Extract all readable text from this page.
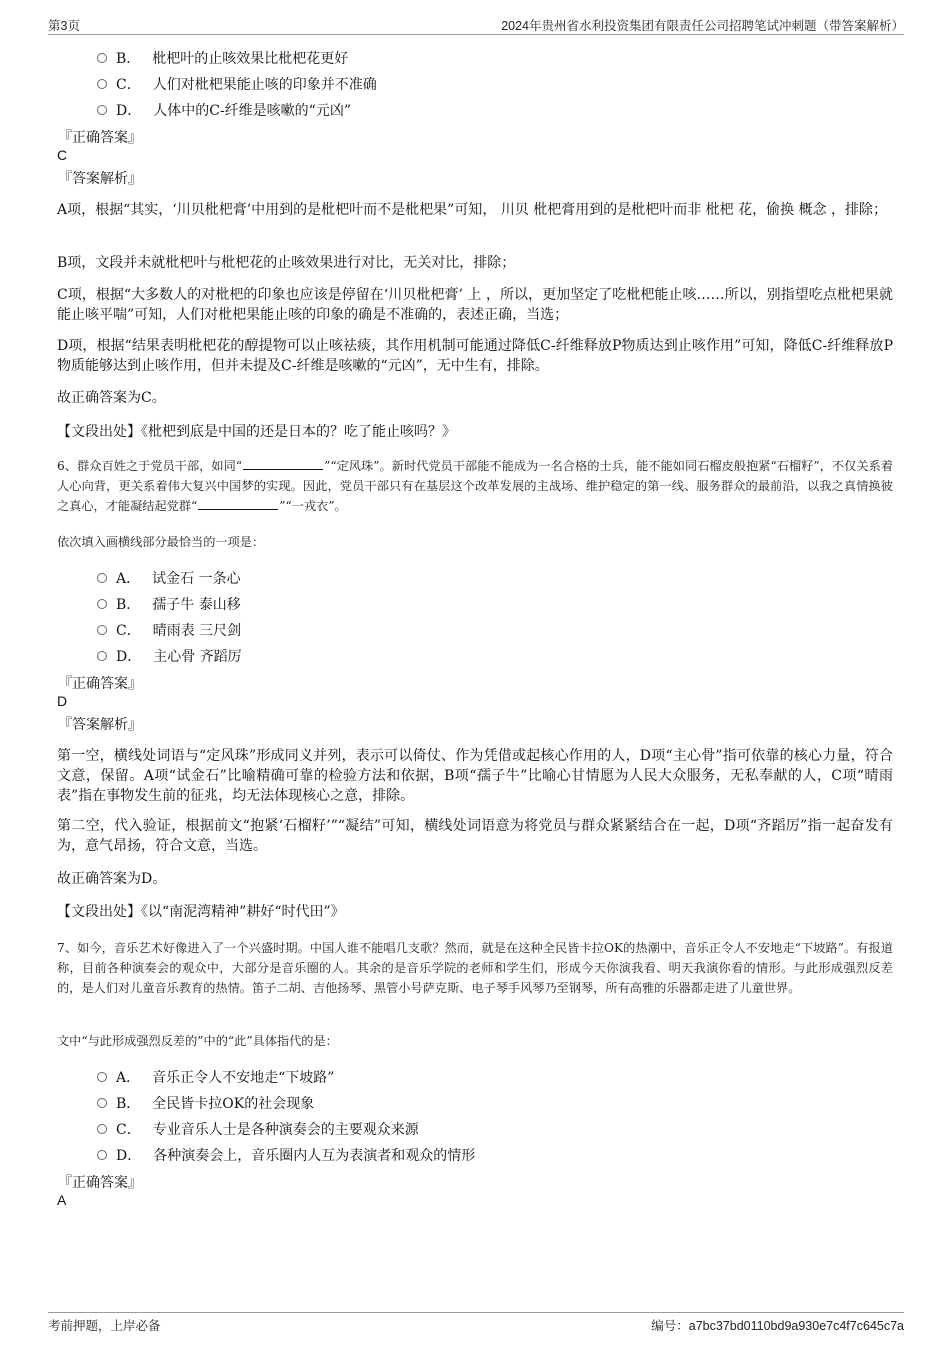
第3页	2024年贵州省水利投资集团有限责任公司招聘笔试冲刺题（带答案解析）
B． 枇杷叶的止咳效果比枇杷花更好
C． 人们对枇杷果能止咳的印象并不准确
D． 人体中的C-纤维是咳嗽的“元凶”
『正确答案』
C
『答案解析』
A项，根据“其实，‘川贝枇杷膏’中用到的是枇杷叶而不是枇杷果”可知， 川贝 枇杷膏用到的是枇杷叶而非 枇杷 花，偷换 概念 ，排除；
B项，文段并未就枇杷叶与枇杷花的止咳效果进行对比，无关对比，排除；
C项，根据“大多数人的对枇杷的印象也应该是停留在‘川贝枇杷膏’ 上 ，所以，更加坚定了吃枇杷能止咳……所以，别指望吃点枇杷果就能止咳平喘”可知，人们对枇杷果能止咳的印象的确是不准确的，表述正确，当选；
D项，根据“结果表明枇杷花的醇提物可以止咳祛痰，其作用机制可能通过降低C-纤维释放P物质达到止咳作用”可知，降低C-纤维释放P物质能够达到止咳作用，但并未提及C-纤维是咳嗽的“元凶”，无中生有，排除。
故正确答案为C。
【文段出处】《枇杷到底是中国的还是日本的？吃了能止咳吗？》
6、群众百姓之于党员干部，如同“	”“定风珠”。新时代党员干部能不能成为一名合格的士兵，能不能如同石榴皮般抱紧“石榴籽”，不仅关系着人心向背，更关系着伟大复兴中国梦的实现。因此，党员干部只有在基层这个改革发展的主战场、维护稳定的第一线、服务群众的最前沿，以我之真情换彼之真心，才能凝结起党群“	”“一戎衣”。
依次填入画横线部分最恰当的一项是：
A． 试金石 一条心
B． 孺子牛 泰山移
C． 晴雨表 三尺剑
D． 主心骨 齐蹈厉
『正确答案』
D
『答案解析』
第一空，横线处词语与“定风珠”形成同义并列，表示可以倚仗、作为凭借或起核心作用的人，D项“主心骨”指可依靠的核心力量，符合文意，保留。A项“试金石”比喻精确可靠的检验方法和依据，B项“孺子牛”比喻心甘情愿为人民大众服务，无私奉献的人，C项“晴雨表”指在事物发生前的征兆，均无法体现核心之意，排除。
第二空，代入验证，根据前文“抱紧‘石榴籽’”“凝结”可知，横线处词语意为将党员与群众紧紧结合在一起，D项“齐蹈厉”指一起奋发有为，意气昂扬，符合文意，当选。
故正确答案为D。
【文段出处】《以“南泥湾精神”耕好“时代田”》
7、如今，音乐艺术好像进入了一个兴盛时期。中国人谁不能唱几支歌？然而，就是在这种全民皆卡拉OK的热潮中，音乐正令人不安地走“下坡路”。有报道称，目前各种演奏会的观众中，大部分是音乐圈的人。其余的是音乐学院的老师和学生们，形成今天你演我看、明天我演你看的情形。与此形成强烈反差的，是人们对儿童音乐教育的热情。笛子二胡、吉他扬琴、黑管小号萨克斯、电子琴手风琴乃至钢琴，所有高雅的乐器都走进了儿童世界。
文中“与此形成强烈反差的”中的“此”具体指代的是：
A． 音乐正令人不安地走“下坡路”
B． 全民皆卡拉OK的社会现象
C． 专业音乐人士是各种演奏会的主要观众来源
D． 各种演奏会上，音乐圈内人互为表演者和观众的情形
『正确答案』
A
考前押题，上岸必备	编号：a7bc37bd0110bd9a930e7c4f7c645c7a
